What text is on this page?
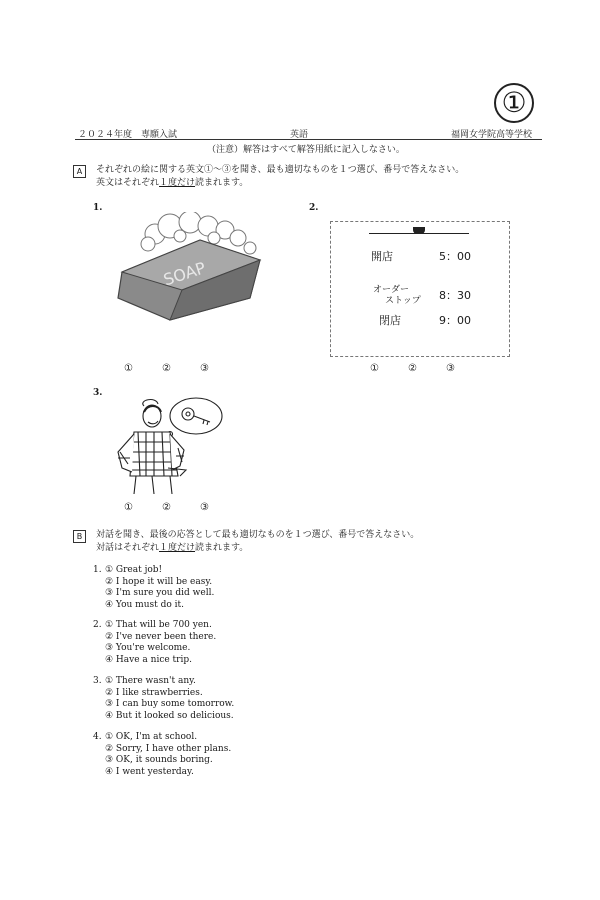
①
２０２４年度　専願入試	英語	福岡女学院高等学校
（注意）解答はすべて解答用紙に記入しなさい。
A	それぞれの絵に関する英文①～③を聞き、最も適切なものを１つ選び、番号で答えなさい。
英文はそれぞれ１度だけ読まれます。
1.	2.
SOAP
開店	5：00
オーダー
ストップ 8：30
閉店	9：00
①	②	③	①	②	③
3.
①	②	③
B	対話を聞き、最後の応答として最も適切なものを１つ選び、番号で答えなさい。
対話はそれぞれ１度だけ読まれます。
1. ① Great job!
② I hope it will be easy.
③ I'm sure you did well.
④ You must do it.
2. ① That will be 700 yen.
② I've never been there.
③ You're welcome.
④ Have a nice trip.
3. ① There wasn't any.
② I like strawberries.
③ I can buy some tomorrow.
④ But it looked so delicious.
4. ① OK, I'm at school.
② Sorry, I have other plans.
③ OK, it sounds boring.
④ I went yesterday.
